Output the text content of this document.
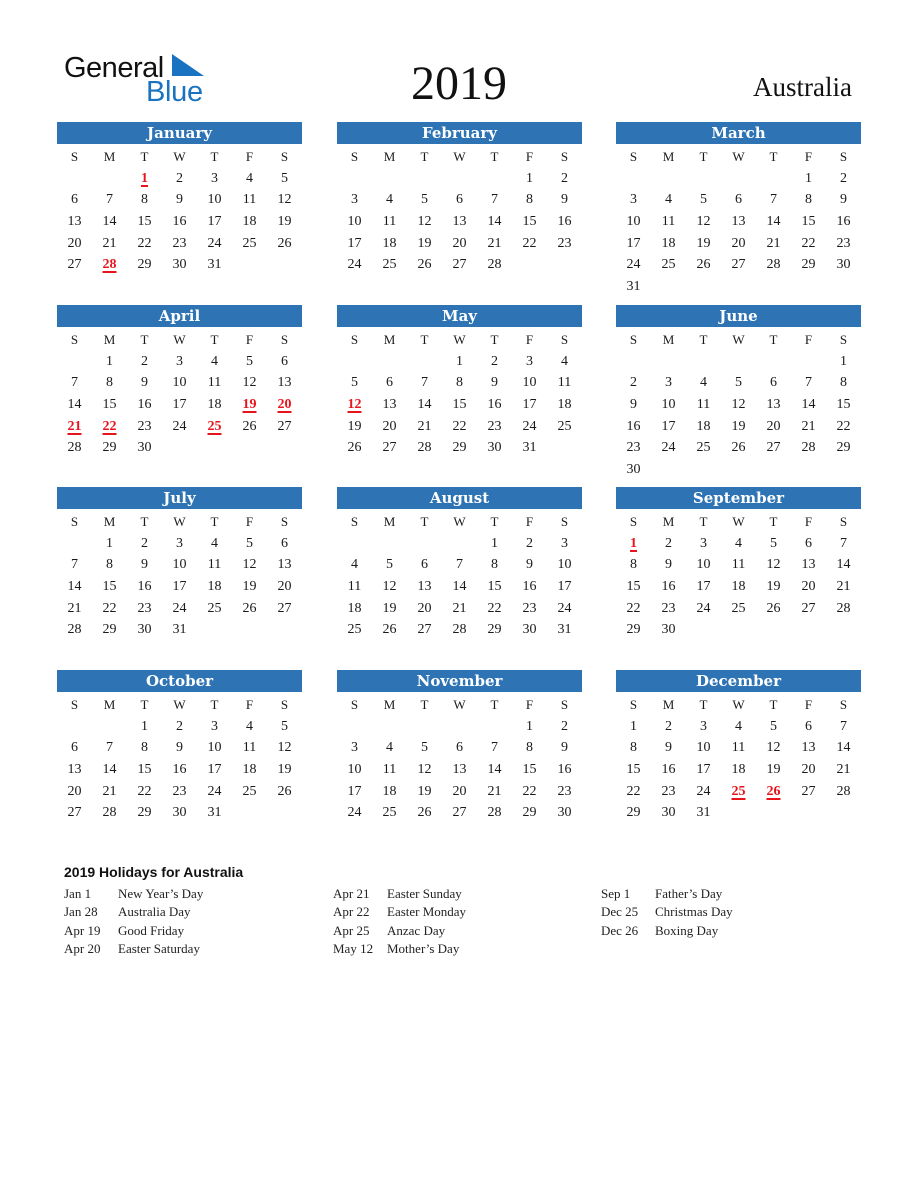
General
Blue	2019	Australia
January
S	M	T	W	T	F	S
		1	2	3	4	5
6	7	8	9	10	11	12
13	14	15	16	17	18	19
20	21	22	23	24	25	26
27	28	29	30	31		
February
S	M	T	W	T	F	S
					1	2
3	4	5	6	7	8	9
10	11	12	13	14	15	16
17	18	19	20	21	22	23
24	25	26	27	28		
March
S	M	T	W	T	F	S
					1	2
3	4	5	6	7	8	9
10	11	12	13	14	15	16
17	18	19	20	21	22	23
24	25	26	27	28	29	30
31						
April
S	M	T	W	T	F	S
	1	2	3	4	5	6
7	8	9	10	11	12	13
14	15	16	17	18	19	20
21	22	23	24	25	26	27
28	29	30				
May
S	M	T	W	T	F	S
			1	2	3	4
5	6	7	8	9	10	11
12	13	14	15	16	17	18
19	20	21	22	23	24	25
26	27	28	29	30	31	
June
S	M	T	W	T	F	S
						1
2	3	4	5	6	7	8
9	10	11	12	13	14	15
16	17	18	19	20	21	22
23	24	25	26	27	28	29
30						
July
S	M	T	W	T	F	S
	1	2	3	4	5	6
7	8	9	10	11	12	13
14	15	16	17	18	19	20
21	22	23	24	25	26	27
28	29	30	31			
August
S	M	T	W	T	F	S
				1	2	3
4	5	6	7	8	9	10
11	12	13	14	15	16	17
18	19	20	21	22	23	24
25	26	27	28	29	30	31
September
S	M	T	W	T	F	S
1	2	3	4	5	6	7
8	9	10	11	12	13	14
15	16	17	18	19	20	21
22	23	24	25	26	27	28
29	30					
October
S	M	T	W	T	F	S
		1	2	3	4	5
6	7	8	9	10	11	12
13	14	15	16	17	18	19
20	21	22	23	24	25	26
27	28	29	30	31		
November
S	M	T	W	T	F	S
					1	2
3	4	5	6	7	8	9
10	11	12	13	14	15	16
17	18	19	20	21	22	23
24	25	26	27	28	29	30
December
S	M	T	W	T	F	S
1	2	3	4	5	6	7
8	9	10	11	12	13	14
15	16	17	18	19	20	21
22	23	24	25	26	27	28
29	30	31				
2019 Holidays for Australia
Jan 1 New Year’s Day
Jan 28 Australia Day
Apr 19 Good Friday
Apr 20 Easter Saturday
Apr 21 Easter Sunday
Apr 22 Easter Monday
Apr 25 Anzac Day
May 12 Mother’s Day
Sep 1 Father’s Day
Dec 25 Christmas Day
Dec 26 Boxing Day
